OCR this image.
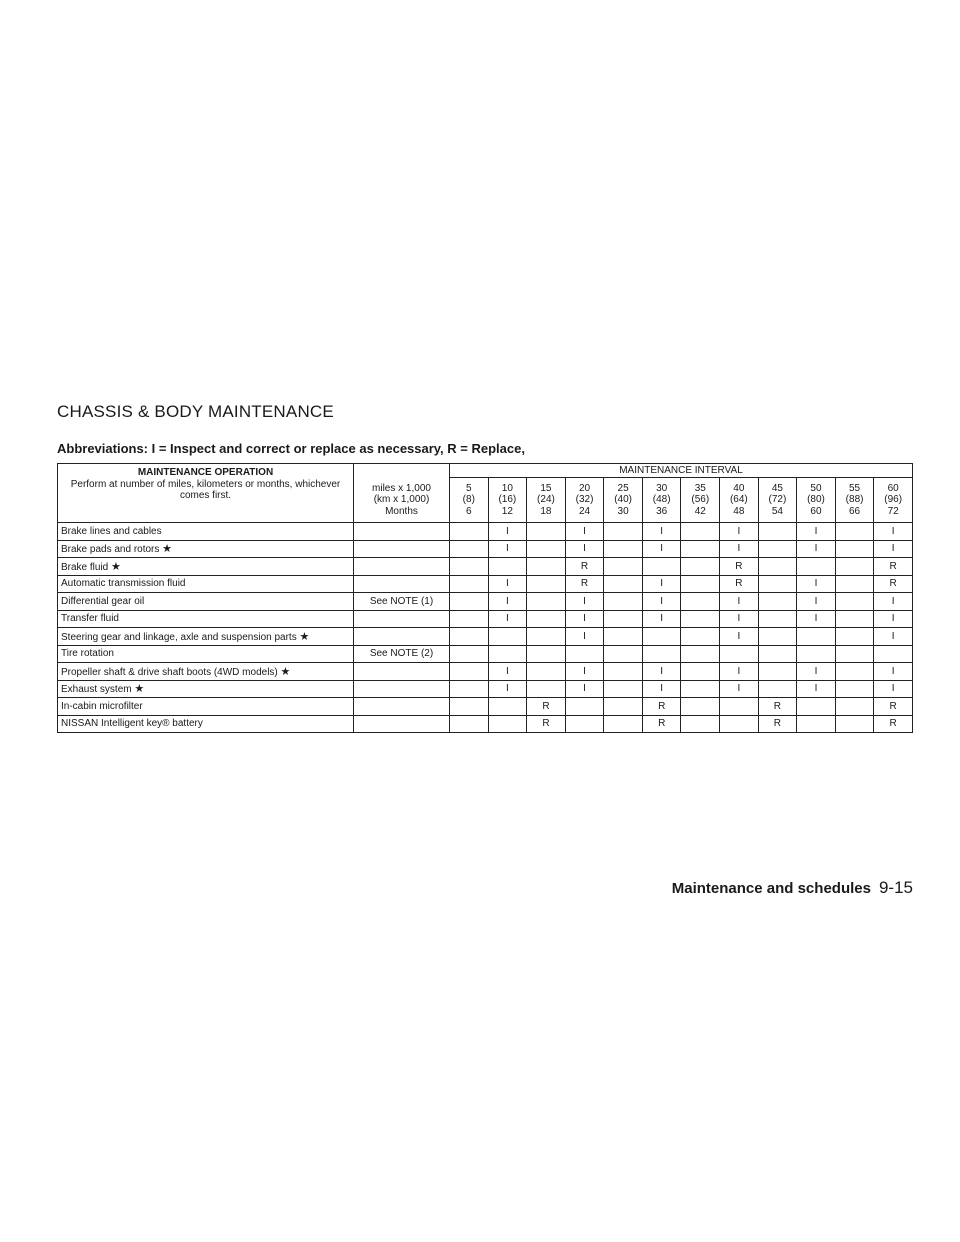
CHASSIS & BODY MAINTENANCE
Abbreviations: I = Inspect and correct or replace as necessary, R = Replace,
MAINTENANCE OPERATION
Perform at number of miles, kilometers or months, whichever comes first.	miles x 1,000
(km x 1,000)
Months	MAINTENANCE INTERVAL											

		5
(8)
6	10
(16)
12	15
(24)
18	20
(32)
24	25
(40)
30	30
(48)
36	35
(56)
42	40
(64)
48	45
(72)
54	50
(80)
60	55
(88)
66	60
(96)
72

Brake lines and cables			I		I		I		I		I		I
Brake pads and rotors ★			I		I		I		I		I		I
Brake fluid ★					R				R				R
Automatic transmission fluid			I		R		I		R		I		R
Differential gear oil	See NOTE (1)		I		I		I		I		I		I
Transfer fluid			I		I		I		I		I		I
Steering gear and linkage, axle and suspension parts ★					I				I				I
Tire rotation	See NOTE (2)												
Propeller shaft & drive shaft boots (4WD models) ★			I		I		I		I		I		I
Exhaust system ★			I		I		I		I		I		I
In-cabin microfilter				R			R			R			R
NISSAN Intelligent key® battery				R			R			R			R
Maintenance and schedules 9-15
